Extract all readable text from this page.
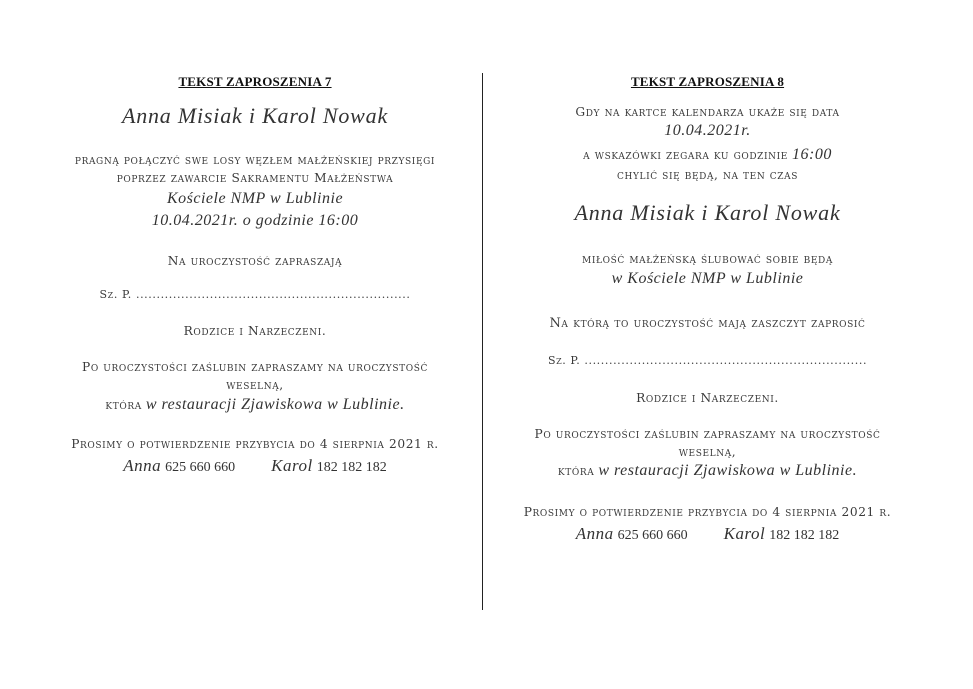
TEKST ZAPROSZENIA 7
Anna Misiak i Karol Nowak
pragną połączyć swe losy węzłem małżeńskiej przysięgi
poprzez zawarcie Sakramentu Małżeństwa
Kościele NMP w Lublinie
10.04.2021r. o godzinie 16:00
Na uroczystość zapraszają
Sz. P. ...................................................................
Rodzice i Narzeczeni.
Po uroczystości zaślubin zapraszamy na uroczystość
weselną,
która w restauracji Zjawiskowa w Lublinie.
Prosimy o potwierdzenie przybycia do 4 sierpnia 2021 r.
Anna 625 660 660 Karol 182 182 182
TEKST ZAPROSZENIA 8
Gdy na kartce kalendarza ukaże się data
10.04.2021r.
a wskazówki zegara ku godzinie 16:00
chylić się będą, na ten czas
Anna Misiak i Karol Nowak
miłość małżeńską ślubować sobie będą
w Kościele NMP w Lublinie
Na którą to uroczystość mają zaszczyt zaprosić
Sz. P. .....................................................................
Rodzice i Narzeczeni.
Po uroczystości zaślubin zapraszamy na uroczystość
weselną,
która w restauracji Zjawiskowa w Lublinie.
Prosimy o potwierdzenie przybycia do 4 sierpnia 2021 r.
Anna 625 660 660 Karol 182 182 182
